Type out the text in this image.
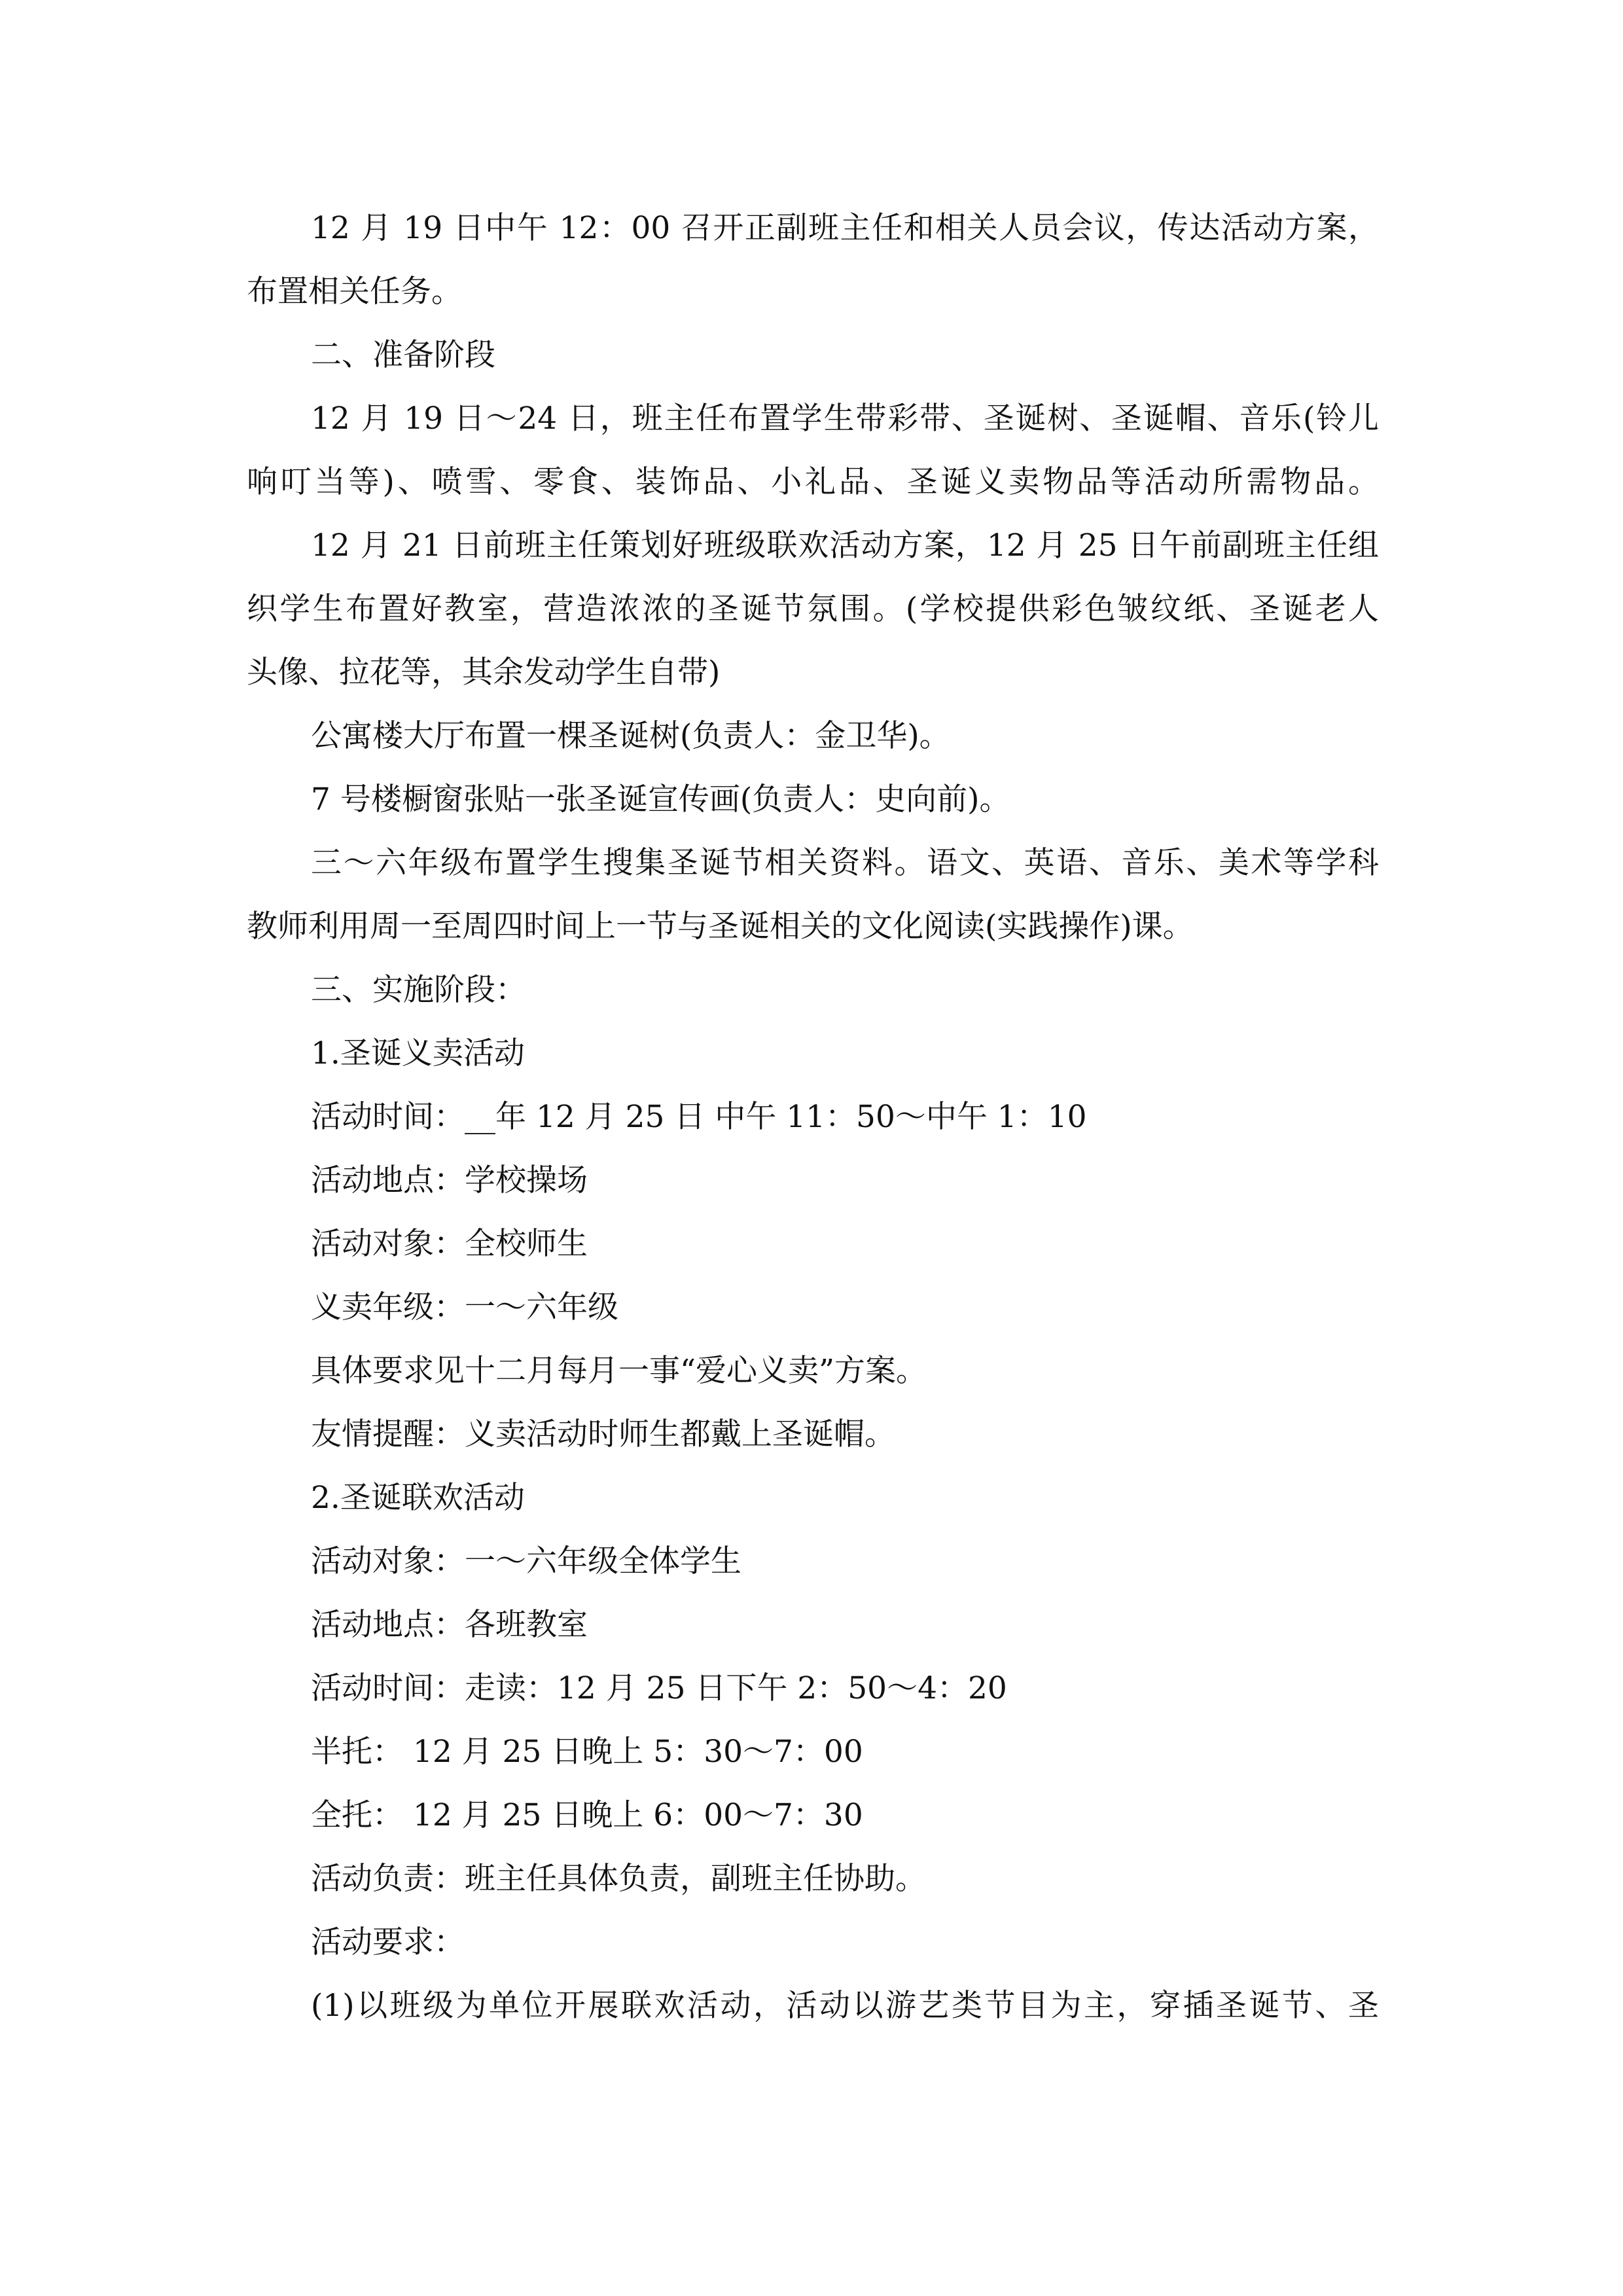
12 月 19 日中午 12：00 召开正副班主任和相关人员会议，传达活动方案，

布置相关任务。

二、准备阶段

12 月 19 日～24 日，班主任布置学生带彩带、圣诞树、圣诞帽、音乐(铃儿

响叮当等)、喷雪、零食、装饰品、小礼品、圣诞义卖物品等活动所需物品。

12 月 21 日前班主任策划好班级联欢活动方案，12 月 25 日午前副班主任组

织学生布置好教室，营造浓浓的圣诞节氛围。(学校提供彩色皱纹纸、圣诞老人

头像、拉花等，其余发动学生自带)

公寓楼大厅布置一棵圣诞树(负责人：金卫华)。

7 号楼橱窗张贴一张圣诞宣传画(负责人：史向前)。

三～六年级布置学生搜集圣诞节相关资料。语文、英语、音乐、美术等学科

教师利用周一至周四时间上一节与圣诞相关的文化阅读(实践操作)课。

三、实施阶段：

1.圣诞义卖活动

活动时间：__年 12 月 25 日 中午 11：50～中午 1：10

活动地点：学校操场

活动对象：全校师生

义卖年级：一～六年级

具体要求见十二月每月一事“爱心义卖”方案。

友情提醒：义卖活动时师生都戴上圣诞帽。

2.圣诞联欢活动

活动对象：一～六年级全体学生

活动地点：各班教室

活动时间：走读：12 月 25 日下午 2：50～4：20

半托： 12 月 25 日晚上 5：30～7：00

全托： 12 月 25 日晚上 6：00～7：30

活动负责：班主任具体负责，副班主任协助。

活动要求：

(1)以班级为单位开展联欢活动，活动以游艺类节目为主，穿插圣诞节、圣
